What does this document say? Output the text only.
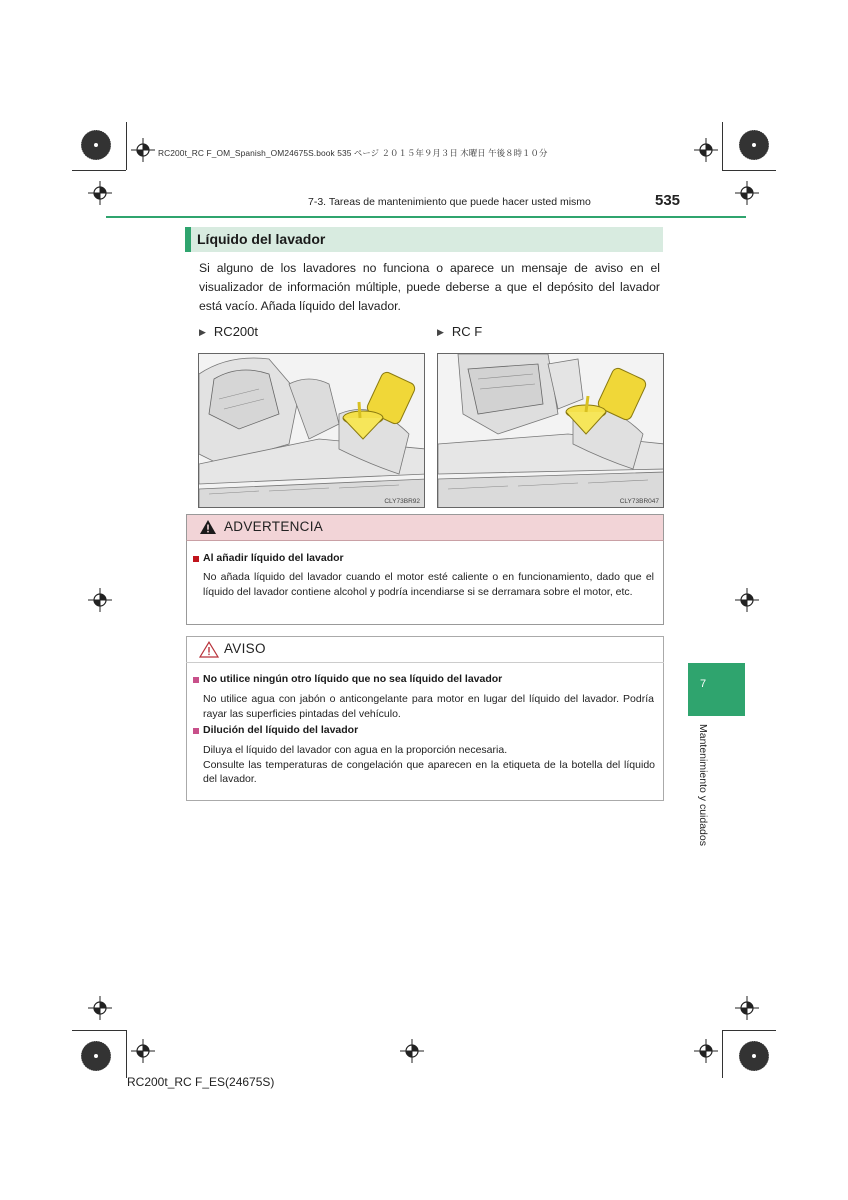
RC200t_RC F_OM_Spanish_OM24675S.book 535 ページ ２０１５年９月３日 木曜日 午後８時１０分
7-3. Tareas de mantenimiento que puede hacer usted mismo	535
Líquido del lavador
Si alguno de los lavadores no funciona o aparece un mensaje de aviso en el visualizador de información múltiple, puede deberse a que el depósito del lavador está vacío. Añada líquido del lavador.
▶ RC200t	▶ RC F
CLY73BR92	CLY73BR047
ADVERTENCIA
Al añadir líquido del lavador
No añada líquido del lavador cuando el motor esté caliente o en funcionamiento, dado que el líquido del lavador contiene alcohol y podría incendiarse si se derramara sobre el motor, etc.
AVISO
No utilice ningún otro líquido que no sea líquido del lavador
No utilice agua con jabón o anticongelante para motor en lugar del líquido del lavador. Podría rayar las superficies pintadas del vehículo.
Dilución del líquido del lavador
Diluya el líquido del lavador con agua en la proporción necesaria.
Consulte las temperaturas de congelación que aparecen en la etiqueta de la botella del líquido del lavador.
7
Mantenimiento y cuidados
RC200t_RC F_ES(24675S)
